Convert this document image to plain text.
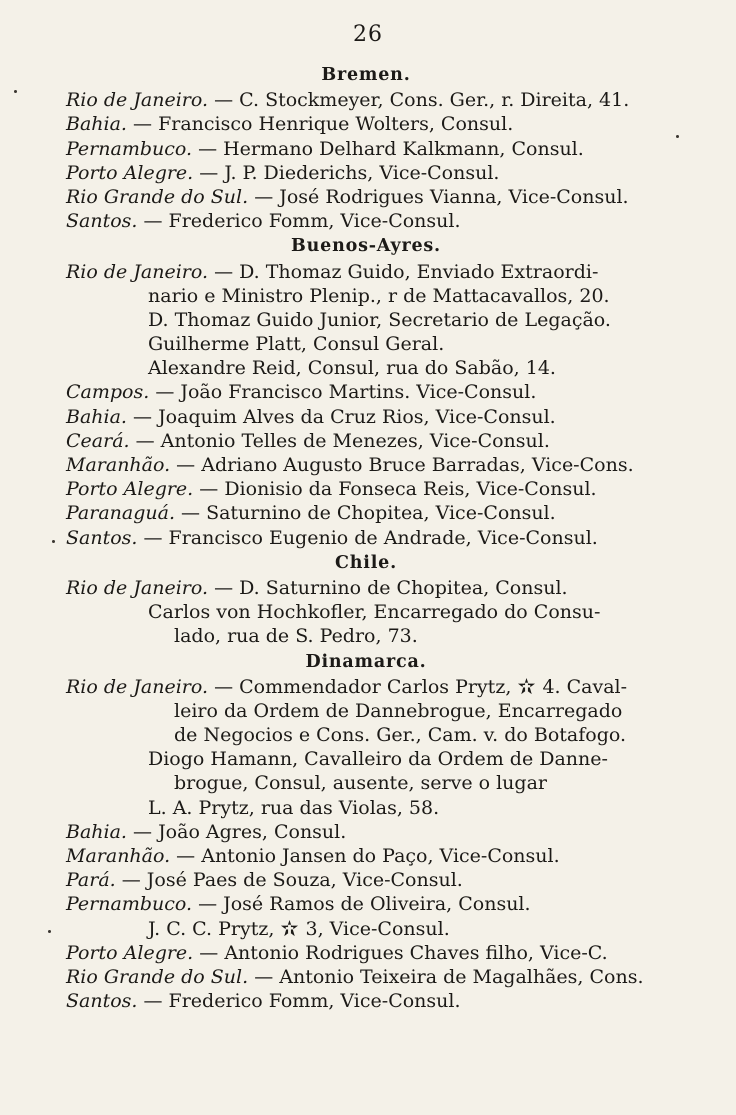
26
Bremen.
Rio de Janeiro. — C. Stockmeyer, Cons. Ger., r. Direita, 41.
Bahia. — Francisco Henrique Wolters, Consul.
Pernambuco. — Hermano Delhard Kalkmann, Consul.
Porto Alegre. — J. P. Diederichs, Vice-Consul.
Rio Grande do Sul. — José Rodrigues Vianna, Vice-Consul.
Santos. — Frederico Fomm, Vice-Consul.
Buenos-Ayres.
Rio de Janeiro. — D. Thomaz Guido, Enviado Extraordi-
nario e Ministro Plenip., r de Mattacavallos, 20.
D. Thomaz Guido Junior, Secretario de Legação.
Guilherme Platt, Consul Geral.
Alexandre Reid, Consul, rua do Sabão, 14.
Campos. — João Francisco Martins. Vice-Consul.
Bahia. — Joaquim Alves da Cruz Rios, Vice-Consul.
Ceará. — Antonio Telles de Menezes, Vice-Consul.
Maranhão. — Adriano Augusto Bruce Barradas, Vice-Cons.
Porto Alegre. — Dionisio da Fonseca Reis, Vice-Consul.
Paranaguá. — Saturnino de Chopitea, Vice-Consul.
Santos. — Francisco Eugenio de Andrade, Vice-Consul.
Chile.
Rio de Janeiro. — D. Saturnino de Chopitea, Consul.
Carlos von Hochkofler, Encarregado do Consu-
lado, rua de S. Pedro, 73.
Dinamarca.
Rio de Janeiro. — Commendador Carlos Prytz,  4. Caval-
leiro da Ordem de Dannebrogue, Encarregado
de Negocios e Cons. Ger., Cam. v. do Botafogo.
Diogo Hamann, Cavalleiro da Ordem de Danne-
brogue, Consul, ausente, serve o lugar
L. A. Prytz, rua das Violas, 58.
Bahia. — João Agres, Consul.
Maranhão. — Antonio Jansen do Paço, Vice-Consul.
Pará. — José Paes de Souza, Vice-Consul.
Pernambuco. — José Ramos de Oliveira, Consul.
J. C. C. Prytz,  3, Vice-Consul.
Porto Alegre. — Antonio Rodrigues Chaves filho, Vice-C.
Rio Grande do Sul. — Antonio Teixeira de Magalhães, Cons.
Santos. — Frederico Fomm, Vice-Consul.
